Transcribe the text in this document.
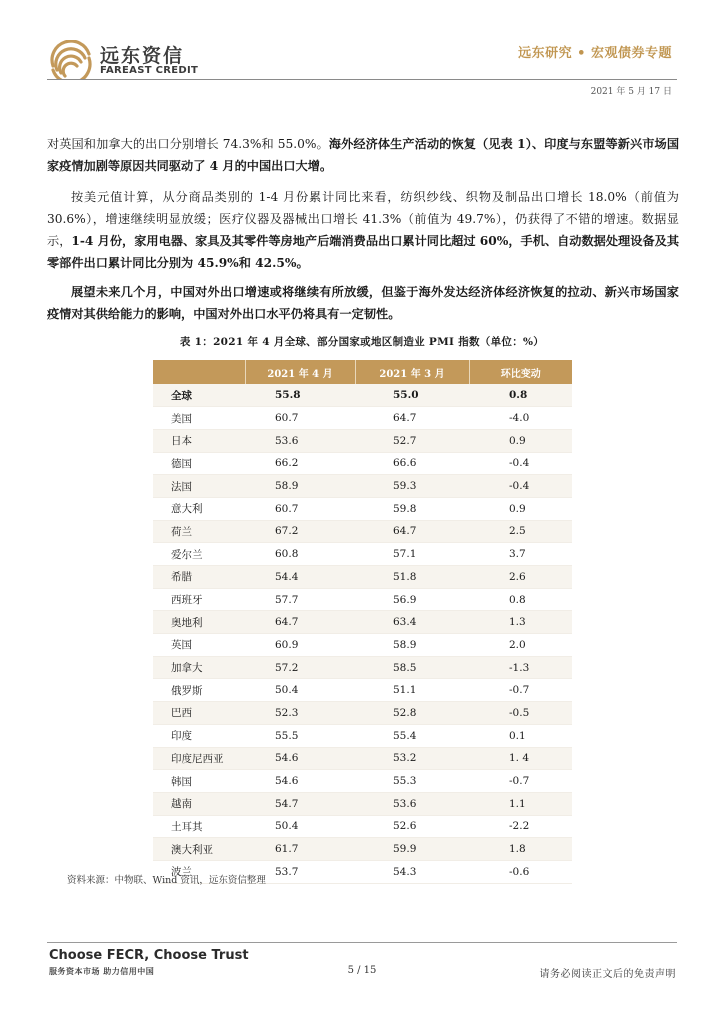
远东资信
FAREAST CREDIT
远东研究 • 宏观债券专题
2021 年 5 月 17 日
对英国和加拿大的出口分别增长 74.3%和 55.0%。海外经济体生产活动的恢复（见表 1）、印度与东盟等新兴市场国家疫情加剧等原因共同驱动了 4 月的中国出口大增。
按美元值计算，从分商品类别的 1-4 月份累计同比来看，纺织纱线、织物及制品出口增长 18.0%（前值为 30.6%），增速继续明显放缓；医疗仪器及器械出口增长 41.3%（前值为 49.7%），仍获得了不错的增速。数据显示，1-4 月份，家用电器、家具及其零件等房地产后端消费品出口累计同比超过 60%，手机、自动数据处理设备及其零部件出口累计同比分别为 45.9%和 42.5%。
展望未来几个月，中国对外出口增速或将继续有所放缓，但鉴于海外发达经济体经济恢复的拉动、新兴市场国家疫情对其供给能力的影响，中国对外出口水平仍将具有一定韧性。
表 1：2021 年 4 月全球、部分国家或地区制造业 PMI 指数（单位：%）
	2021 年 4 月	2021 年 3 月	环比变动
全球	55.8	55.0	0.8
美国	60.7	64.7	-4.0
日本	53.6	52.7	0.9
德国	66.2	66.6	-0.4
法国	58.9	59.3	-0.4
意大利	60.7	59.8	0.9
荷兰	67.2	64.7	2.5
爱尔兰	60.8	57.1	3.7
希腊	54.4	51.8	2.6
西班牙	57.7	56.9	0.8
奥地利	64.7	63.4	1.3
英国	60.9	58.9	2.0
加拿大	57.2	58.5	-1.3
俄罗斯	50.4	51.1	-0.7
巴西	52.3	52.8	-0.5
印度	55.5	55.4	0.1
印度尼西亚	54.6	53.2	1. 4
韩国	54.6	55.3	-0.7
越南	54.7	53.6	1.1
土耳其	50.4	52.6	-2.2
澳大利亚	61.7	59.9	1.8
波兰	53.7	54.3	-0.6
资料来源：中物联、Wind 资讯，远东资信整理
Choose FECR, Choose Trust
服务资本市场 助力信用中国	5 / 15	请务必阅读正文后的免责声明
